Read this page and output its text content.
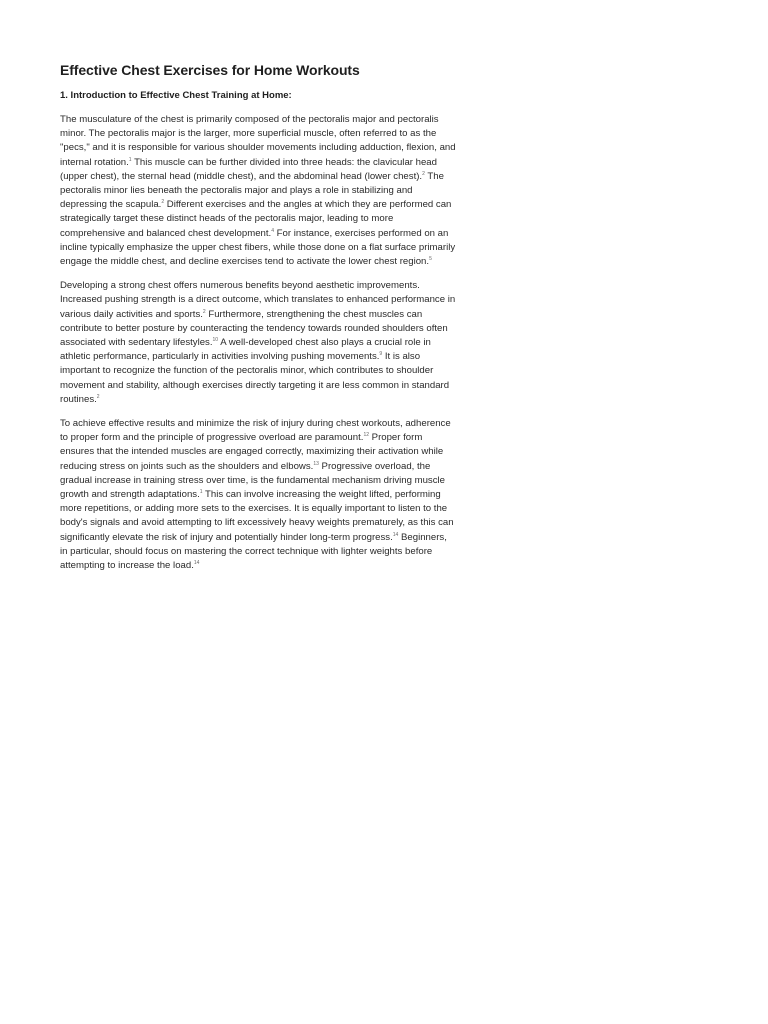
Effective Chest Exercises for Home Workouts
1. Introduction to Effective Chest Training at Home:

The musculature of the chest is primarily composed of the pectoralis major and pectoralis minor. The pectoralis major is the larger, more superficial muscle, often referred to as the "pecs," and it is responsible for various shoulder movements including adduction, flexion, and internal rotation.$^1$ This muscle can be further divided into three heads: the clavicular head (upper chest), the sternal head (middle chest), and the abdominal head (lower chest).$^2$ The pectoralis minor lies beneath the pectoralis major and plays a role in stabilizing and depressing the scapula.$^2$ Different exercises and the angles at which they are performed can strategically target these distinct heads of the pectoralis major, leading to more comprehensive and balanced chest development.$^4$ For instance, exercises performed on an incline typically emphasize the upper chest fibers, while those done on a flat surface primarily engage the middle chest, and decline exercises tend to activate the lower chest region.$^5$

Developing a strong chest offers numerous benefits beyond aesthetic improvements. Increased pushing strength is a direct outcome, which translates to enhanced performance in various daily activities and sports.$^2$ Furthermore, strengthening the chest muscles can contribute to better posture by counteracting the tendency towards rounded shoulders often associated with sedentary lifestyles.$^{10}$ A well-developed chest also plays a crucial role in athletic performance, particularly in activities involving pushing movements.$^9$ It is also important to recognize the function of the pectoralis minor, which contributes to shoulder movement and stability, although exercises directly targeting it are less common in standard routines.$^2$

To achieve effective results and minimize the risk of injury during chest workouts, adherence to proper form and the principle of progressive overload are paramount.$^{12}$ Proper form ensures that the intended muscles are engaged correctly, maximizing their activation while reducing stress on joints such as the shoulders and elbows.$^{13}$ Progressive overload, the gradual increase in training stress over time, is the fundamental mechanism driving muscle growth and strength adaptations.$^1$ This can involve increasing the weight lifted, performing more repetitions, or adding more sets to the exercises. It is equally important to listen to the body's signals and avoid attempting to lift excessively heavy weights prematurely, as this can significantly elevate the risk of injury and potentially hinder long-term progress.$^{14}$ Beginners, in particular, should focus on mastering the correct technique with lighter weights before attempting to increase the load.$^{14}$
